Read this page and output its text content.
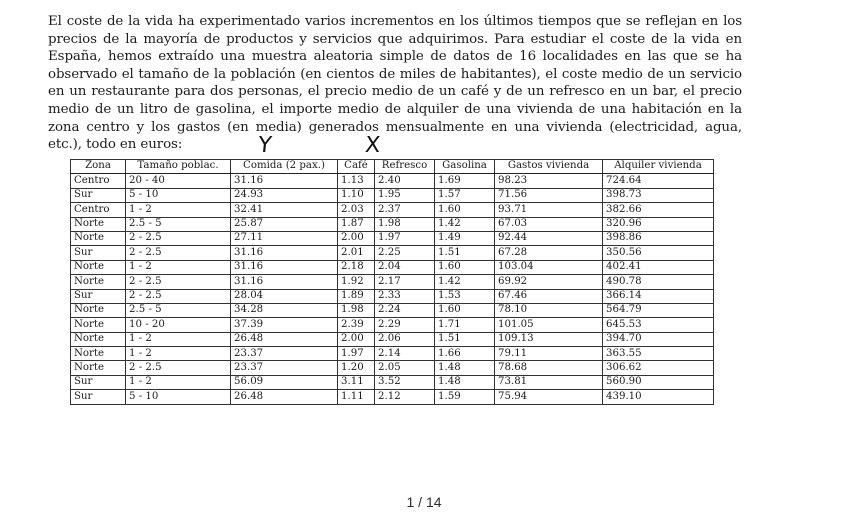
El coste de la vida ha experimentado varios incrementos en los últimos tiempos que se reflejan en los precios de la mayoría de productos y servicios que adquirimos. Para estudiar el coste de la vida en España, hemos extraído una muestra aleatoria simple de datos de 16 localidades en las que se ha observado el tamaño de la población (en cientos de miles de habitantes), el coste medio de un servicio en un restaurante para dos personas, el precio medio de un café y de un refresco en un bar, el precio medio de un litro de gasolina, el importe medio de alquiler de una vivienda de una habitación en la zona centro y los gastos (en media) generados mensualmente en una vivienda (electricidad, agua, etc.), todo en euros:	Y	X
Zona	Tamaño poblac.	Comida (2 pax.)	Café	Refresco	Gasolina	Gastos vivienda	Alquiler vivienda
Centro	20 - 40	31.16	1.13	2.40	1.69	98.23	724.64
Sur	5 - 10	24.93	1.10	1.95	1.57	71.56	398.73
Centro	1 - 2	32.41	2.03	2.37	1.60	93.71	382.66
Norte	2.5 - 5	25.87	1.87	1.98	1.42	67.03	320.96
Norte	2 - 2.5	27.11	2.00	1.97	1.49	92.44	398.86
Sur	2 - 2.5	31.16	2.01	2.25	1.51	67.28	350.56
Norte	1 - 2	31.16	2.18	2.04	1.60	103.04	402.41
Norte	2 - 2.5	31.16	1.92	2.17	1.42	69.92	490.78
Sur	2 - 2.5	28.04	1.89	2.33	1.53	67.46	366.14
Norte	2.5 - 5	34.28	1.98	2.24	1.60	78.10	564.79
Norte	10 - 20	37.39	2.39	2.29	1.71	101.05	645.53
Norte	1 - 2	26.48	2.00	2.06	1.51	109.13	394.70
Norte	1 - 2	23.37	1.97	2.14	1.66	79.11	363.55
Norte	2 - 2.5	23.37	1.20	2.05	1.48	78.68	306.62
Sur	1 - 2	56.09	3.11	3.52	1.48	73.81	560.90
Sur	5 - 10	26.48	1.11	2.12	1.59	75.94	439.10
1 / 14
